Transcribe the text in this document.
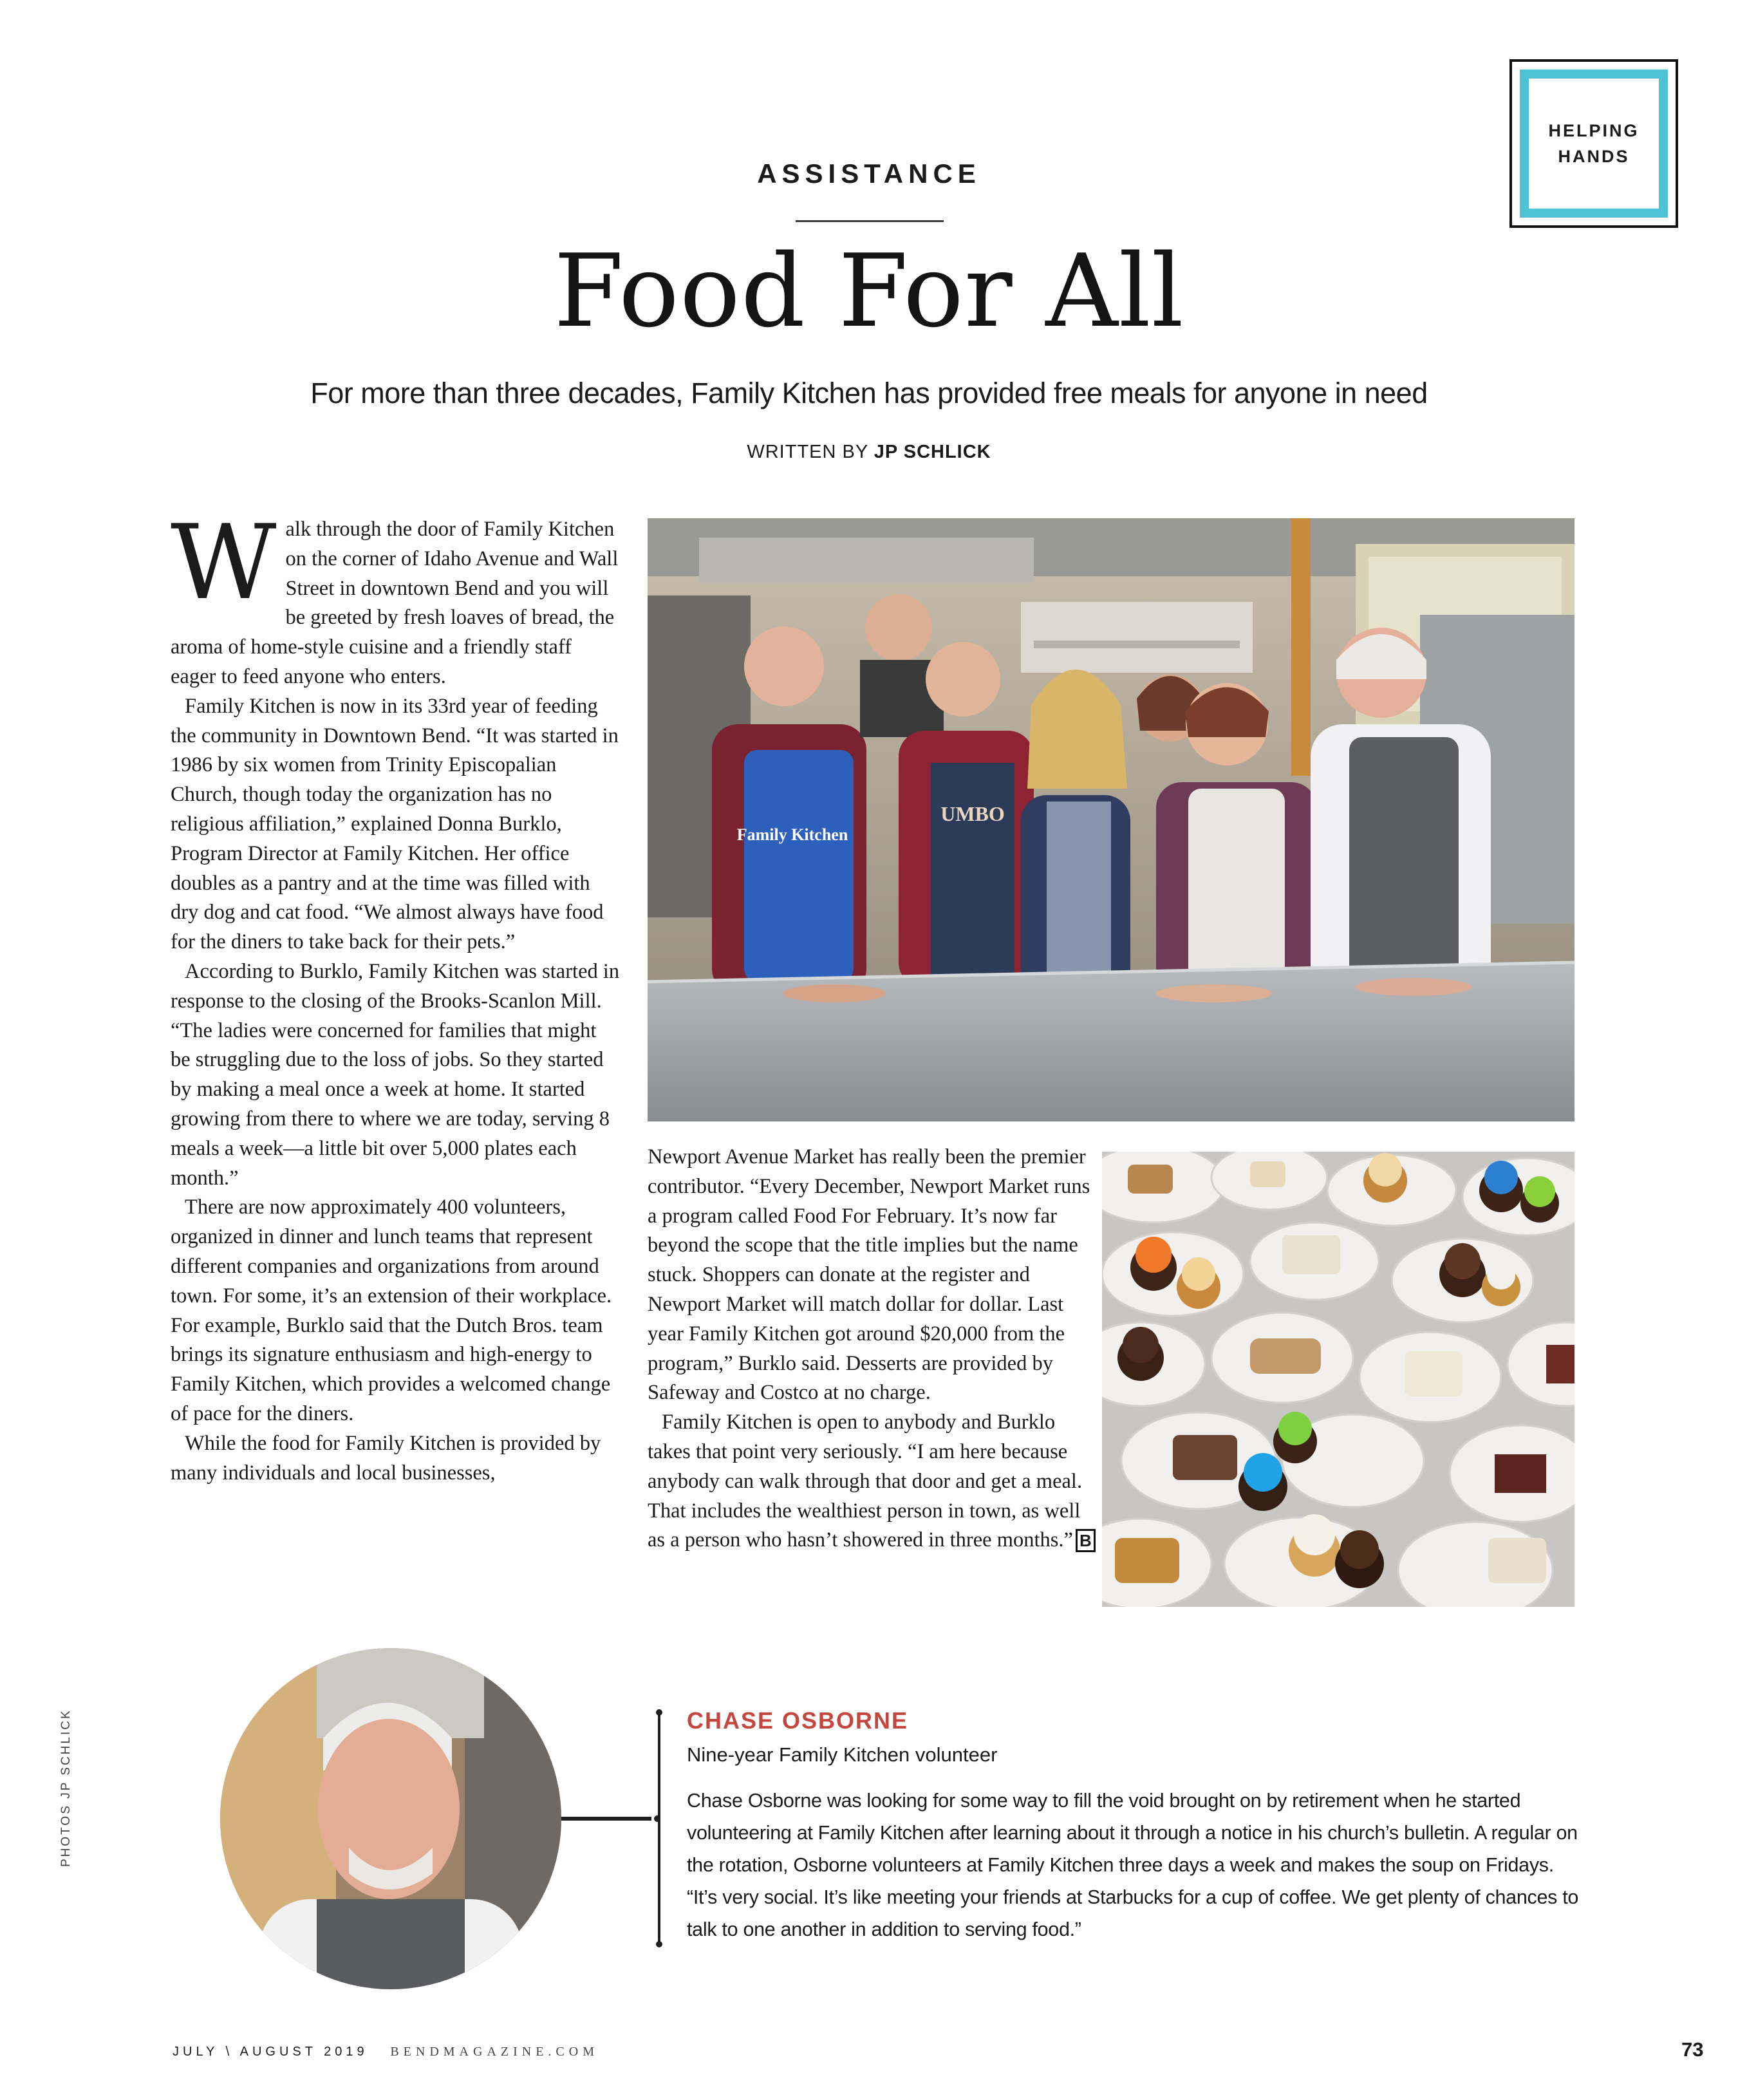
HELPING HANDS
ASSISTANCE
Food For All
For more than three decades, Family Kitchen has provided free meals for anyone in need
WRITTEN BY JP SCHLICK

Walk through the door of Family Kitchen on the corner of Idaho Avenue and Wall Street in downtown Bend and you will be greeted by fresh loaves of bread, the aroma of home-style cuisine and a friendly staff eager to feed anyone who enters.

Family Kitchen is now in its 33rd year of feeding the community in Downtown Bend. “It was started in 1986 by six women from Trinity Episcopalian Church, though today the organization has no religious affiliation,” explained Donna Burklo, Program Director at Family Kitchen. Her office doubles as a pantry and at the time was filled with dry dog and cat food. “We almost always have food for the diners to take back for their pets.”

According to Burklo, Family Kitchen was started in response to the closing of the Brooks-Scanlon Mill. “The ladies were concerned for families that might be struggling due to the loss of jobs. So they started by making a meal once a week at home. It started growing from there to where we are today, serving 8 meals a week—a little bit over 5,000 plates each month.”

There are now approximately 400 volunteers, organized in dinner and lunch teams that represent different companies and organizations from around town. For some, it’s an extension of their workplace. For example, Burklo said that the Dutch Bros. team brings its signature enthusiasm and high-energy to Family Kitchen, which provides a welcomed change of pace for the diners.

While the food for Family Kitchen is provided by many individuals and local businesses,

Family Kitchen
UMBO

Newport Avenue Market has really been the premier contributor. “Every December, Newport Market runs a program called Food For February. It’s now far beyond the scope that the title implies but the name stuck. Shoppers can donate at the register and Newport Market will match dollar for dollar. Last year Family Kitchen got around $20,000 from the program,” Burklo said. Desserts are provided by Safeway and Costco at no charge.

Family Kitchen is open to anybody and Burklo takes that point very seriously. “I am here because anybody can walk through that door and get a meal. That includes the wealthiest person in town, as well as a person who hasn’t showered in three months.” B

CHASE OSBORNE
Nine-year Family Kitchen volunteer
Chase Osborne was looking for some way to fill the void brought on by retirement when he started volunteering at Family Kitchen after learning about it through a notice in his church’s bulletin. A regular on the rotation, Osborne volunteers at Family Kitchen three days a week and makes the soup on Fridays. “It’s very social. It’s like meeting your friends at Starbucks for a cup of coffee. We get plenty of chances to talk to one another in addition to serving food.”
PHOTOS JP SCHLICK
JULY \ AUGUST 2019 BENDMAGAZINE.COM	73
